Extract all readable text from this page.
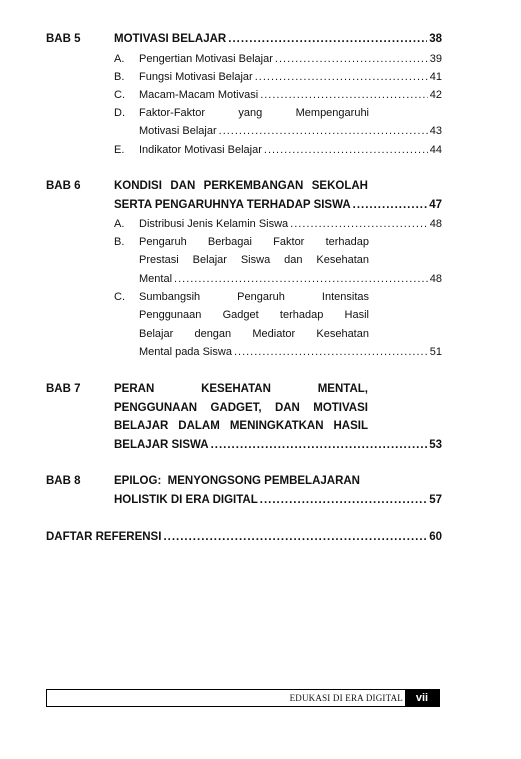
BAB 5	MOTIVASI BELAJAR .....	38
A. Pengertian Motivasi Belajar .....	39
B. Fungsi Motivasi Belajar .....	41
C. Macam-Macam Motivasi .....	42
D. Faktor-Faktor	yang	Mempengaruhi
Motivasi Belajar .....	43
E. Indikator Motivasi Belajar .....	44
BAB 6	KONDISI DAN PERKEMBANGAN SEKOLAH
SERTA PENGARUHNYA TERHADAP SISWA .....	47
A. Distribusi Jenis Kelamin Siswa .....	48
B. Pengaruh Berbagai Faktor terhadap
Prestasi Belajar Siswa dan Kesehatan
Mental .....	48
C. Sumbangsih	Pengaruh	Intensitas
Penggunaan Gadget terhadap Hasil
Belajar dengan Mediator Kesehatan
Mental pada Siswa .....	51
BAB 7	PERAN	KESEHATAN	MENTAL,
PENGGUNAAN GADGET, DAN MOTIVASI
BELAJAR DALAM MENINGKATKAN HASIL
BELAJAR SISWA .....	53
BAB 8	EPILOG:  MENYONGSONG PEMBELAJARAN
HOLISTIK DI ERA DIGITAL .....	57
DAFTAR REFERENSI .....	60
EDUKASI DI ERA DIGITAL	vii
